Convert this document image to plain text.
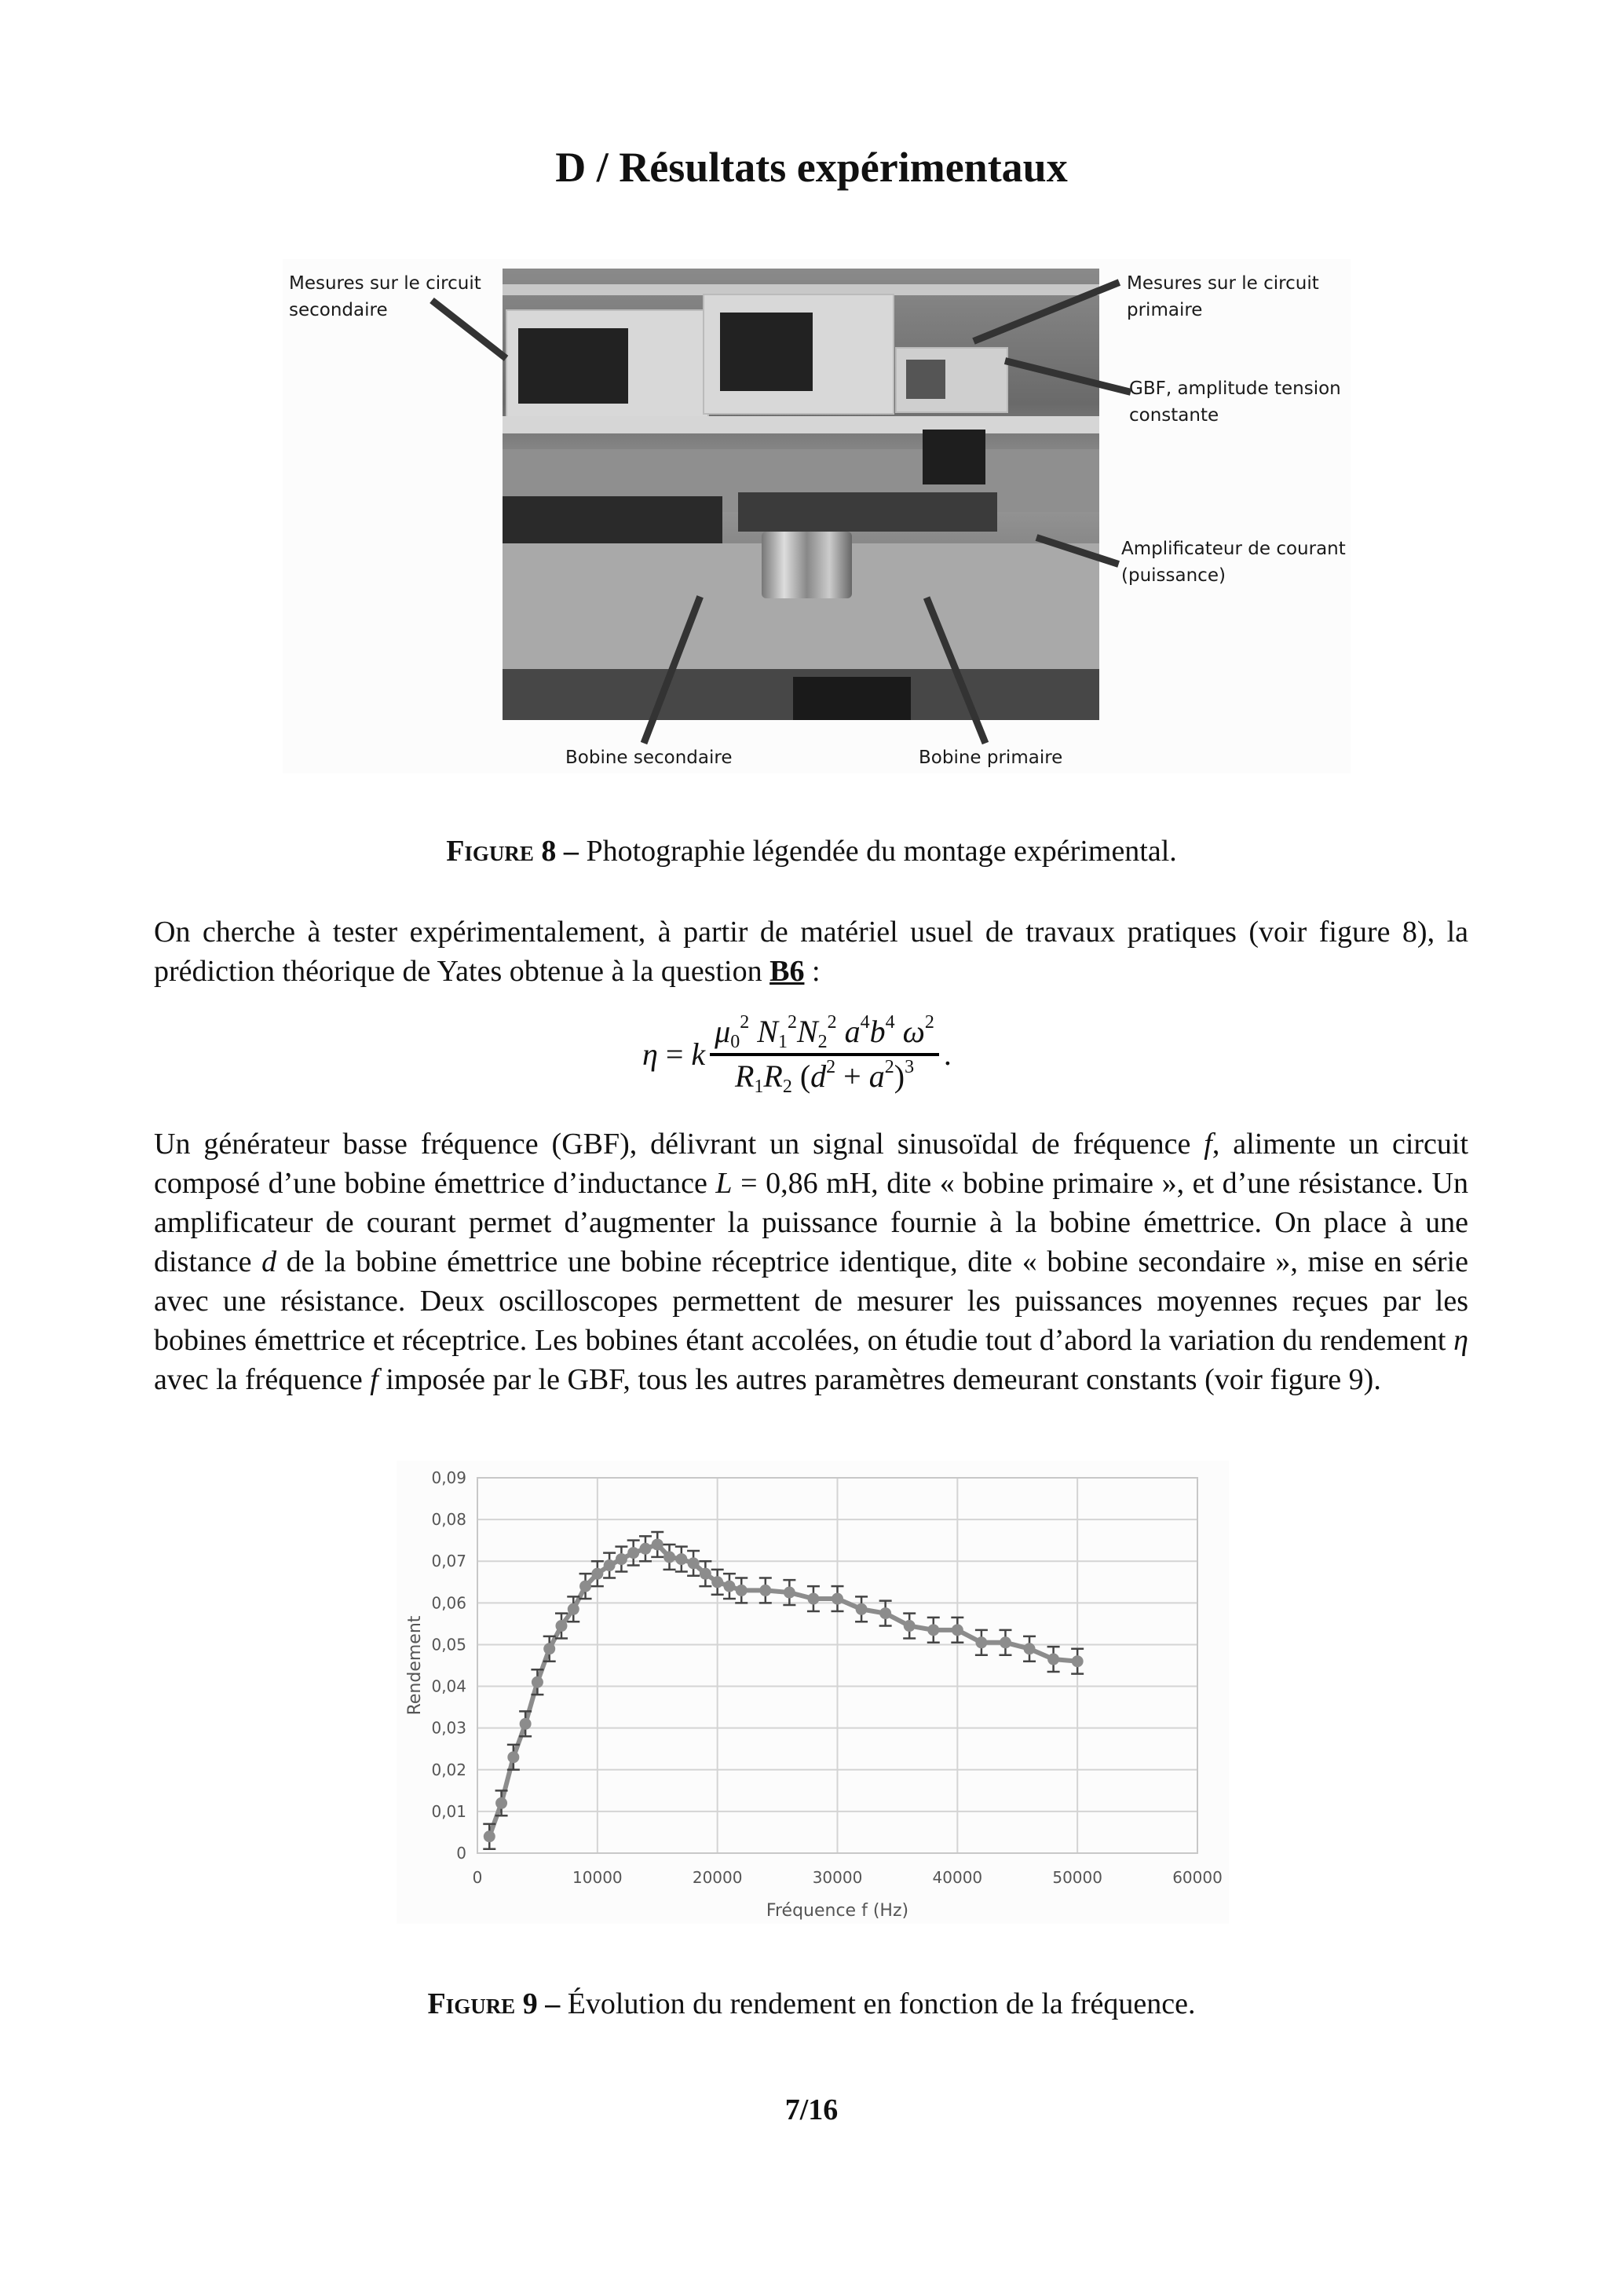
D / Résultats expérimentaux
Mesures sur le circuit
secondaire
Mesures sur le circuit
primaire
GBF, amplitude tension
constante
Amplificateur de courant
(puissance)
Bobine secondaire	Bobine primaire
Figure 8 – Photographie légendée du montage expérimental.

On cherche à tester expérimentalement, à partir de matériel usuel de travaux pratiques (voir figure 8), la prédiction théorique de Yates obtenue à la question B6 :

η = k $\frac{\mu_0^2 N_1^2N_2^2 a^4b^4 \omega^2}{R_1R_2 (d^2 + a^2)^3}$ .

Un générateur basse fréquence (GBF), délivrant un signal sinusoïdal de fréquence f, alimente un circuit composé d’une bobine émettrice d’inductance L = 0,86 mH, dite « bobine primaire », et d’une résistance. Un amplificateur de courant permet d’augmenter la puissance fournie à la bobine émettrice. On place à une distance d de la bobine émettrice une bobine réceptrice identique, dite « bobine secondaire », mise en série avec une résistance. Deux oscilloscopes permettent de mesurer les puissances moyennes reçues par les bobines émettrice et réceptrice. Les bobines étant accolées, on étudie tout d’abord la variation du rendement η avec la fréquence f imposée par le GBF, tous les autres paramètres demeurant constants (voir figure 9).

0
0,01
0,02
0,03
0,04
0,05
0,06
0,07
0,08
0,09
0	10000	20000	30000	40000	50000	60000
Fréquence f (Hz)
Rendement
Figure 9 – Évolution du rendement en fonction de la fréquence.
7/16
